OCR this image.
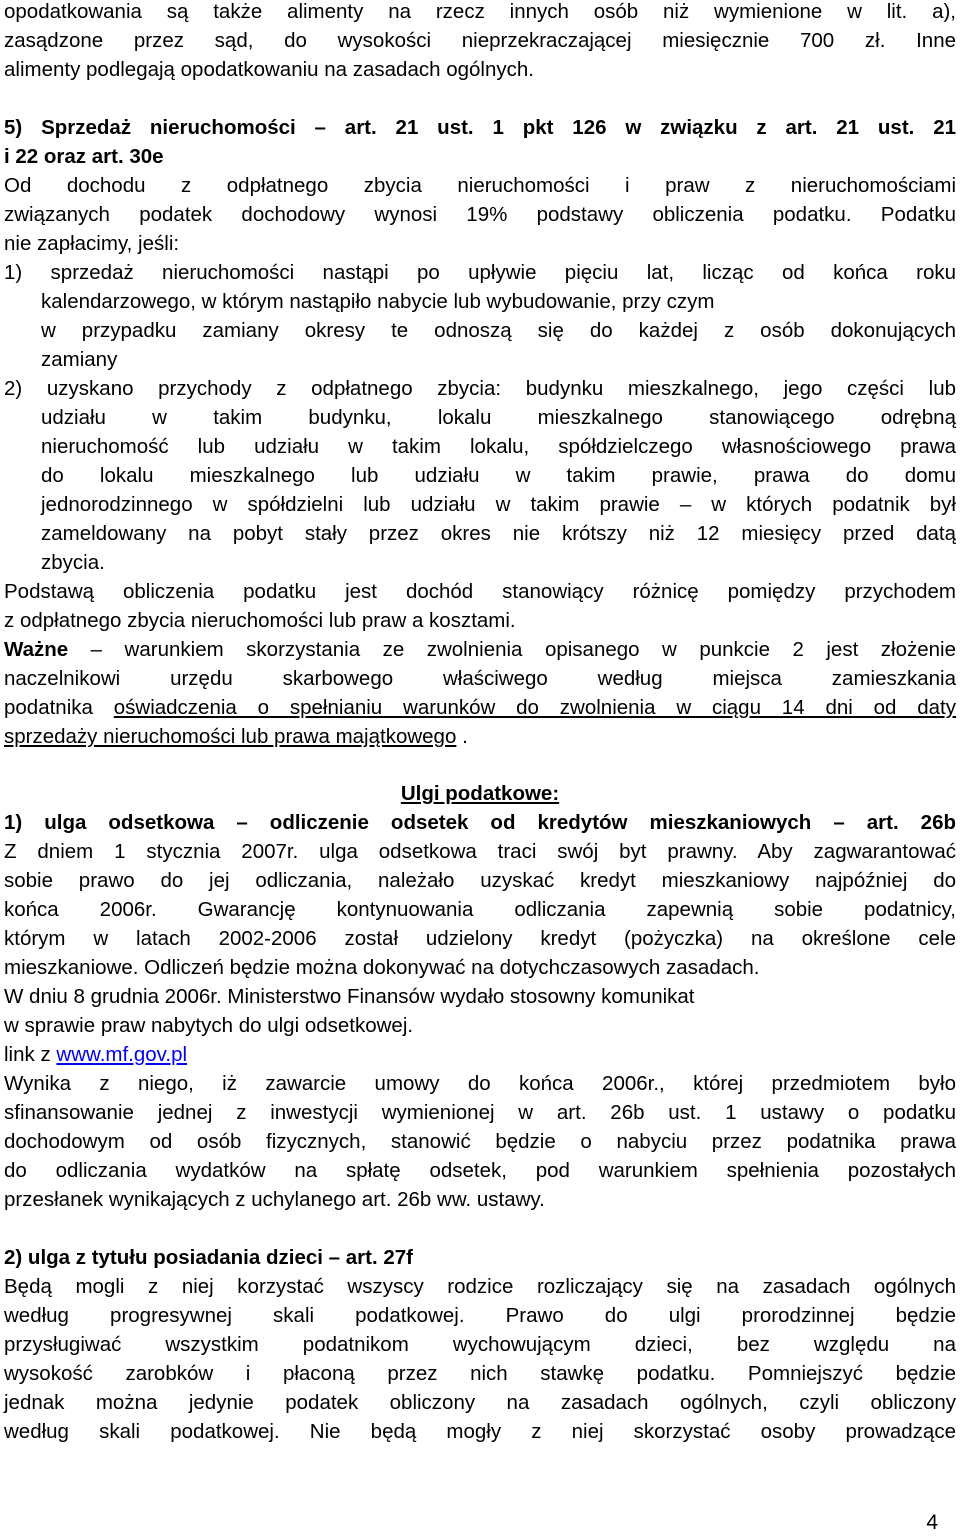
opodatkowania są także alimenty na rzecz innych osób niż wymienione w lit. a),
zasądzone przez sąd, do wysokości nieprzekraczającej miesięcznie 700 zł. Inne
alimenty podlegają opodatkowaniu na zasadach ogólnych.
5) Sprzedaż nieruchomości – art. 21 ust. 1 pkt 126 w związku z art. 21 ust. 21
i 22 oraz art. 30e
Od dochodu z odpłatnego zbycia nieruchomości i praw z nieruchomościami
związanych podatek dochodowy wynosi 19% podstawy obliczenia podatku. Podatku
nie zapłacimy, jeśli:
1) sprzedaż nieruchomości nastąpi po upływie pięciu lat, licząc od końca roku
kalendarzowego, w którym nastąpiło nabycie lub wybudowanie, przy czym
w przypadku zamiany okresy te odnoszą się do każdej z osób dokonujących
zamiany
2) uzyskano przychody z odpłatnego zbycia: budynku mieszkalnego, jego części lub
udziału w takim budynku, lokalu mieszkalnego stanowiącego odrębną
nieruchomość lub udziału w takim lokalu, spółdzielczego własnościowego prawa
do lokalu mieszkalnego lub udziału w takim prawie, prawa do domu
jednorodzinnego w spółdzielni lub udziału w takim prawie – w których podatnik był
zameldowany na pobyt stały przez okres nie krótszy niż 12 miesięcy przed datą
zbycia.
Podstawą obliczenia podatku jest dochód stanowiący różnicę pomiędzy przychodem
z odpłatnego zbycia nieruchomości lub praw a kosztami.
Ważne – warunkiem skorzystania ze zwolnienia opisanego w punkcie 2 jest złożenie
naczelnikowi urzędu skarbowego właściwego według miejsca zamieszkania
podatnika oświadczenia o spełnianiu warunków do zwolnienia w ciągu 14 dni od daty
sprzedaży nieruchomości lub prawa majątkowego .
Ulgi podatkowe:
1) ulga odsetkowa – odliczenie odsetek od kredytów mieszkaniowych – art. 26b
Z dniem 1 stycznia 2007r. ulga odsetkowa traci swój byt prawny. Aby zagwarantować
sobie prawo do jej odliczania, należało uzyskać kredyt mieszkaniowy najpóźniej do
końca 2006r. Gwarancję kontynuowania odliczania zapewnią sobie podatnicy,
którym w latach 2002-2006 został udzielony kredyt (pożyczka) na określone cele
mieszkaniowe. Odliczeń będzie można dokonywać na dotychczasowych zasadach.
W dniu 8 grudnia 2006r. Ministerstwo Finansów wydało stosowny komunikat
w sprawie praw nabytych do ulgi odsetkowej.
link z www.mf.gov.pl
Wynika z niego, iż zawarcie umowy do końca 2006r., której przedmiotem było
sfinansowanie jednej z inwestycji wymienionej w art. 26b ust. 1 ustawy o podatku
dochodowym od osób fizycznych, stanowić będzie o nabyciu przez podatnika prawa
do odliczania wydatków na spłatę odsetek, pod warunkiem spełnienia pozostałych
przesłanek wynikających z uchylanego art. 26b ww. ustawy.
2) ulga z tytułu posiadania dzieci – art. 27f
Będą mogli z niej korzystać wszyscy rodzice rozliczający się na zasadach ogólnych
według progresywnej skali podatkowej. Prawo do ulgi prorodzinnej będzie
przysługiwać wszystkim podatnikom wychowującym dzieci, bez względu na
wysokość zarobków i płaconą przez nich stawkę podatku. Pomniejszyć będzie
jednak można jedynie podatek obliczony na zasadach ogólnych, czyli obliczony
według skali podatkowej. Nie będą mogły z niej skorzystać osoby prowadzące
4
